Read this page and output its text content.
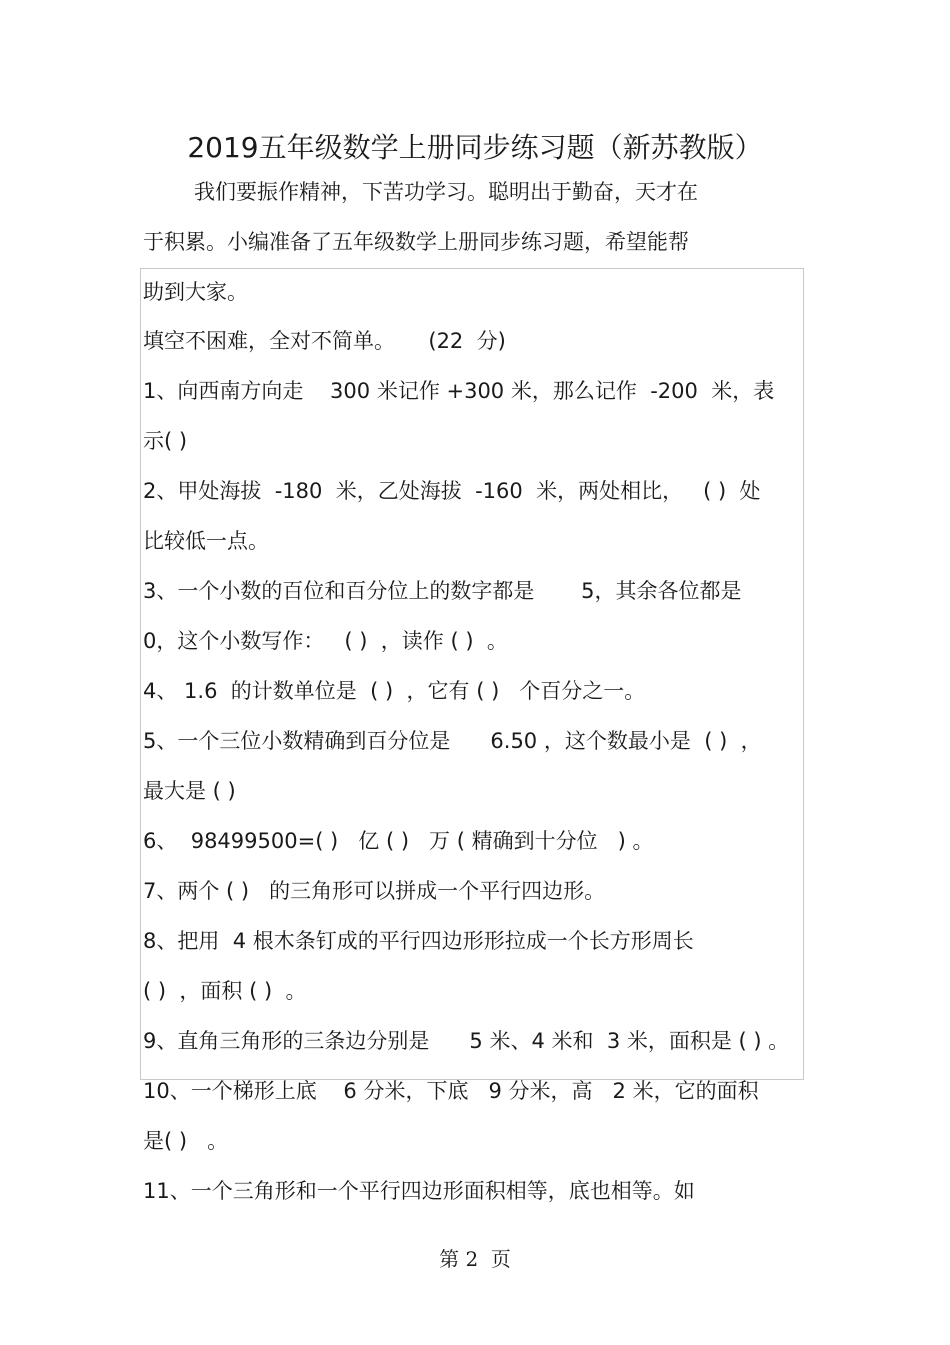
2019五年级数学上册同步练习题（新苏教版）
我们要振作精神，下苦功学习。聪明出于勤奋，天才在
于积累。小编准备了五年级数学上册同步练习题，希望能帮
助到大家。
填空不困难，全对不简单。     (22  分)
1、向西南方向走    300 米记作 +300 米，那么记作  -200  米，表
示( )
2、甲处海拔  -180  米，乙处海拔  -160  米，两处相比，   ( )  处
比较低一点。
3、一个小数的百位和百分位上的数字都是       5，其余各位都是
0，这个小数写作：   ( )  ，读作 ( )  。
4、 1.6  的计数单位是  ( )  ，它有 ( )   个百分之一。
5、一个三位小数精确到百分位是      6.50 ，这个数最小是  ( )  ，
最大是 ( )
6、  98499500=( )   亿 ( )   万 ( 精确到十分位   ) 。
7、两个 ( )   的三角形可以拼成一个平行四边形。
8、把用  4 根木条钉成的平行四边形形拉成一个长方形周长
( )  ，面积 ( )  。
9、直角三角形的三条边分别是      5 米、4 米和  3 米，面积是 ( ) 。
10、一个梯形上底    6 分米，下底   9 分米，高   2 米，它的面积
是( )   。
11、一个三角形和一个平行四边形面积相等，底也相等。如
第 2  页
